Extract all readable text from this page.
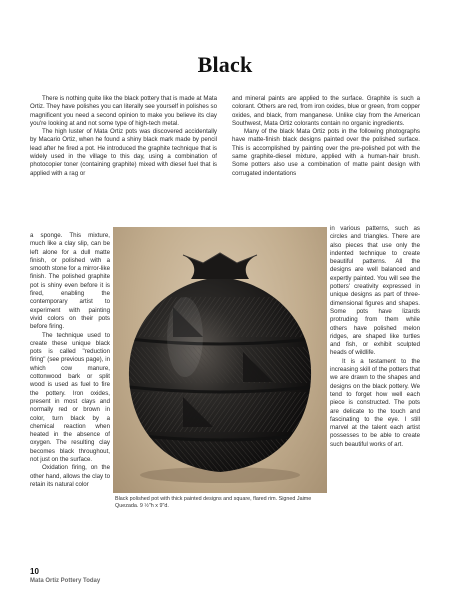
Black

There is nothing quite like the black pottery that is made at Mata Ortiz. They have polishes you can literally see yourself in polishes so magnificent you need a second opinion to make you believe its clay you're looking at and not some type of high-tech metal.

The high luster of Mata Ortiz pots was discovered accidentally by Macario Ortiz, when he found a shiny black mark made by pencil lead after he fired a pot. He introduced the graphite technique that is widely used in the village to this day, using a combination of photocopier toner (containing graphite) mixed with diesel fuel that is applied with a rag or

and mineral paints are applied to the surface. Graphite is such a colorant. Others are red, from iron oxides, blue or green, from copper oxides, and black, from manganese. Unlike clay from the American Southwest, Mata Ortiz colorants contain no organic ingredients.

Many of the black Mata Ortiz pots in the following photographs have matte-finish black designs painted over the polished surface. This is accomplished by painting over the pre-polished pot with the same graphite-diesel mixture, applied with a human-hair brush. Some potters also use a combination of matte paint design with corrugated indentations

a sponge. This mixture, much like a clay slip, can be left alone for a dull matte finish, or polished with a smooth stone for a mirror-like finish. The polished graphite pot is shiny even before it is fired, enabling the contemporary artist to experiment with painting vivid colors on their pots before firing.

The technique used to create these unique black pots is called "reduction firing" (see previous page), in which cow manure, cottonwood bark or split wood is used as fuel to fire the pottery. Iron oxides, present in most clays and normally red or brown in color, turn black by a chemical reaction when heated in the absence of oxygen. The resulting clay becomes black throughout, not just on the surface.

Oxidation firing, on the other hand, allows the clay to retain its natural color

in various patterns, such as circles and triangles. There are also pieces that use only the indented technique to create beautiful patterns. All the designs are well balanced and expertly painted. You will see the potters' creativity expressed in unique designs as part of three-dimensional figures and shapes. Some pots have lizards protruding from them while others have polished melon ridges, are shaped like turtles and fish, or exhibit sculpted heads of wildlife.

It is a testament to the increasing skill of the potters that we are drawn to the shapes and designs on the black pottery. We tend to forget how well each piece is constructed. The pots are delicate to the touch and fascinating to the eye. I still marvel at the talent each artist possesses to be able to create such beautiful works of art.

Black polished pot with thick painted designs and square, flared rim. Signed Jaime Quezada. 9 ½"h x 9"d.
10
Mata Ortiz Pottery Today
